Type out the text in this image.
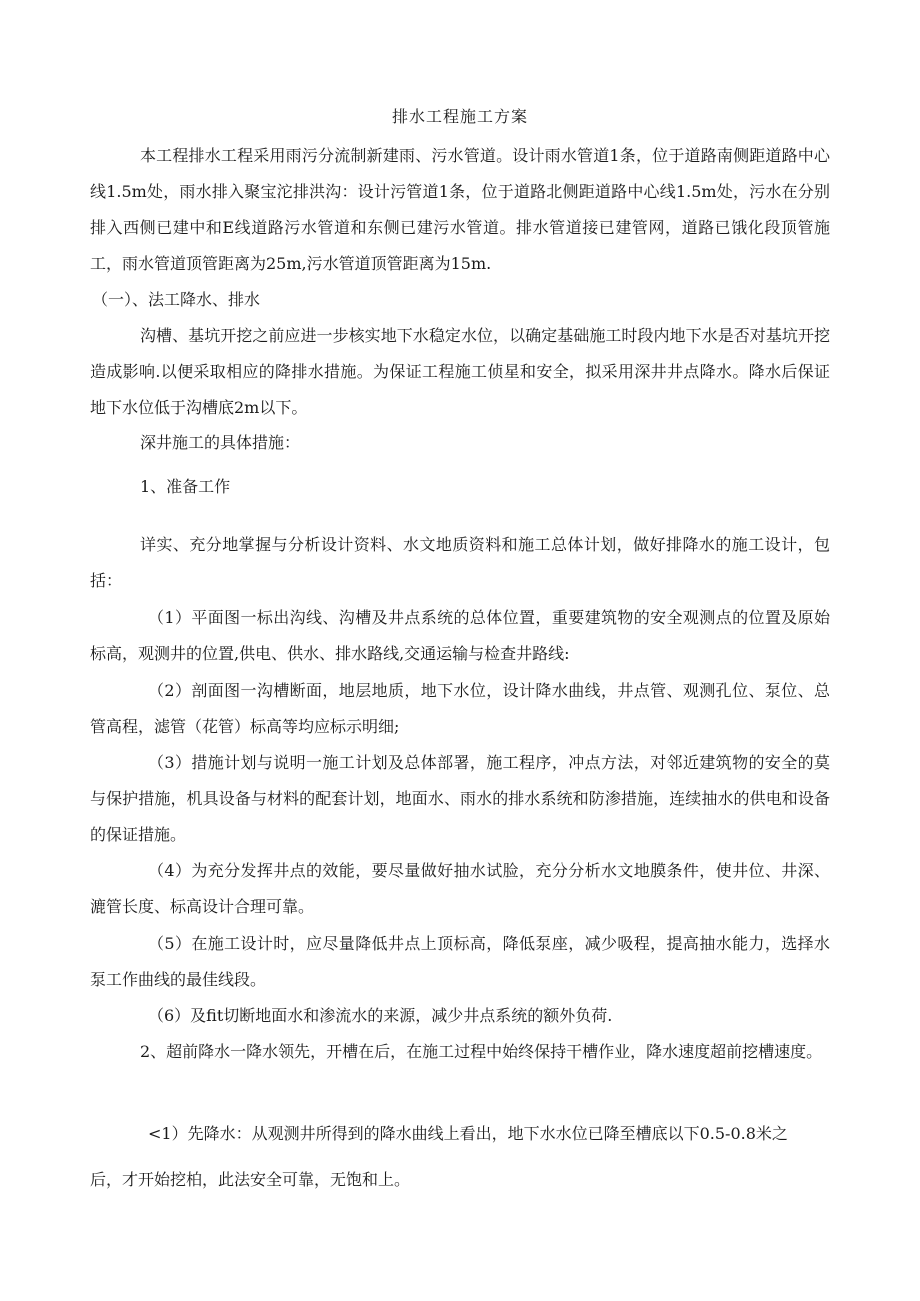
排水工程施工方案

本工程排水工程采用雨污分流制新建雨、污水管道。设计雨水管道1条，位于道路南侧距道路中心线1.5m处，雨水排入聚宝沱排洪沟：设计污管道1条，位于道路北侧距道路中心线1.5m处，污水在分别排入西侧已建中和E线道路污水管道和东侧已建污水管道。排水管道接已建管网，道路已饿化段顶管施工，雨水管道顶管距离为25m,污水管道顶管距离为15m.

（一）、法工降水、排水

沟槽、基坑开挖之前应进一步核实地下水稳定水位，以确定基础施工时段内地下水是否对基坑开挖造成影响.以便采取相应的降排水措施。为保证工程施工侦星和安全，拟采用深井井点降水。降水后保证地下水位低于沟槽底2m以下。

深井施工的具体措施：
1、准备工作

详实、充分地掌握与分析设计资料、水文地质资料和施工总体计划，做好排降水的施工设计，包括：

（1）平面图一标出沟线、沟槽及井点系统的总体位置，重要建筑物的安全观测点的位置及原始标高，观测井的位置,供电、供水、排水路线,交通运输与检查井路线:

（2）剖面图一沟槽断面，地层地质，地下水位，设计降水曲线，井点管、观测孔位、泵位、总管高程，滤管（花管）标高等均应标示明细;

（3）措施计划与说明一施工计划及总体部署，施工程序，冲点方法，对邻近建筑物的安全的莫与保护措施，机具设备与材料的配套计划，地面水、雨水的排水系统和防渗措施，连续抽水的供电和设备的保证措施。

（4）为充分发挥井点的效能，要尽量做好抽水试脸，充分分析水文地膜条件，使井位、井深、漉管长度、标高设计合理可靠。

（5）在施工设计时，应尽量降低井点上顶标高，降低泵座，减少吸程，提高抽水能力，选择水泵工作曲线的最佳线段。

（6）及fit切断地面水和渗流水的来源，减少井点系统的额外负荷.

2、超前降水一降水领先，开槽在后，在施工过程中始终保持干槽作业，降水速度超前挖槽速度。

<1）先降水：从观测井所得到的降水曲线上看出，地下水水位已降至槽底以下0.5-0.8米之
后，才开始挖柏，此法安全可靠，无饱和上。
